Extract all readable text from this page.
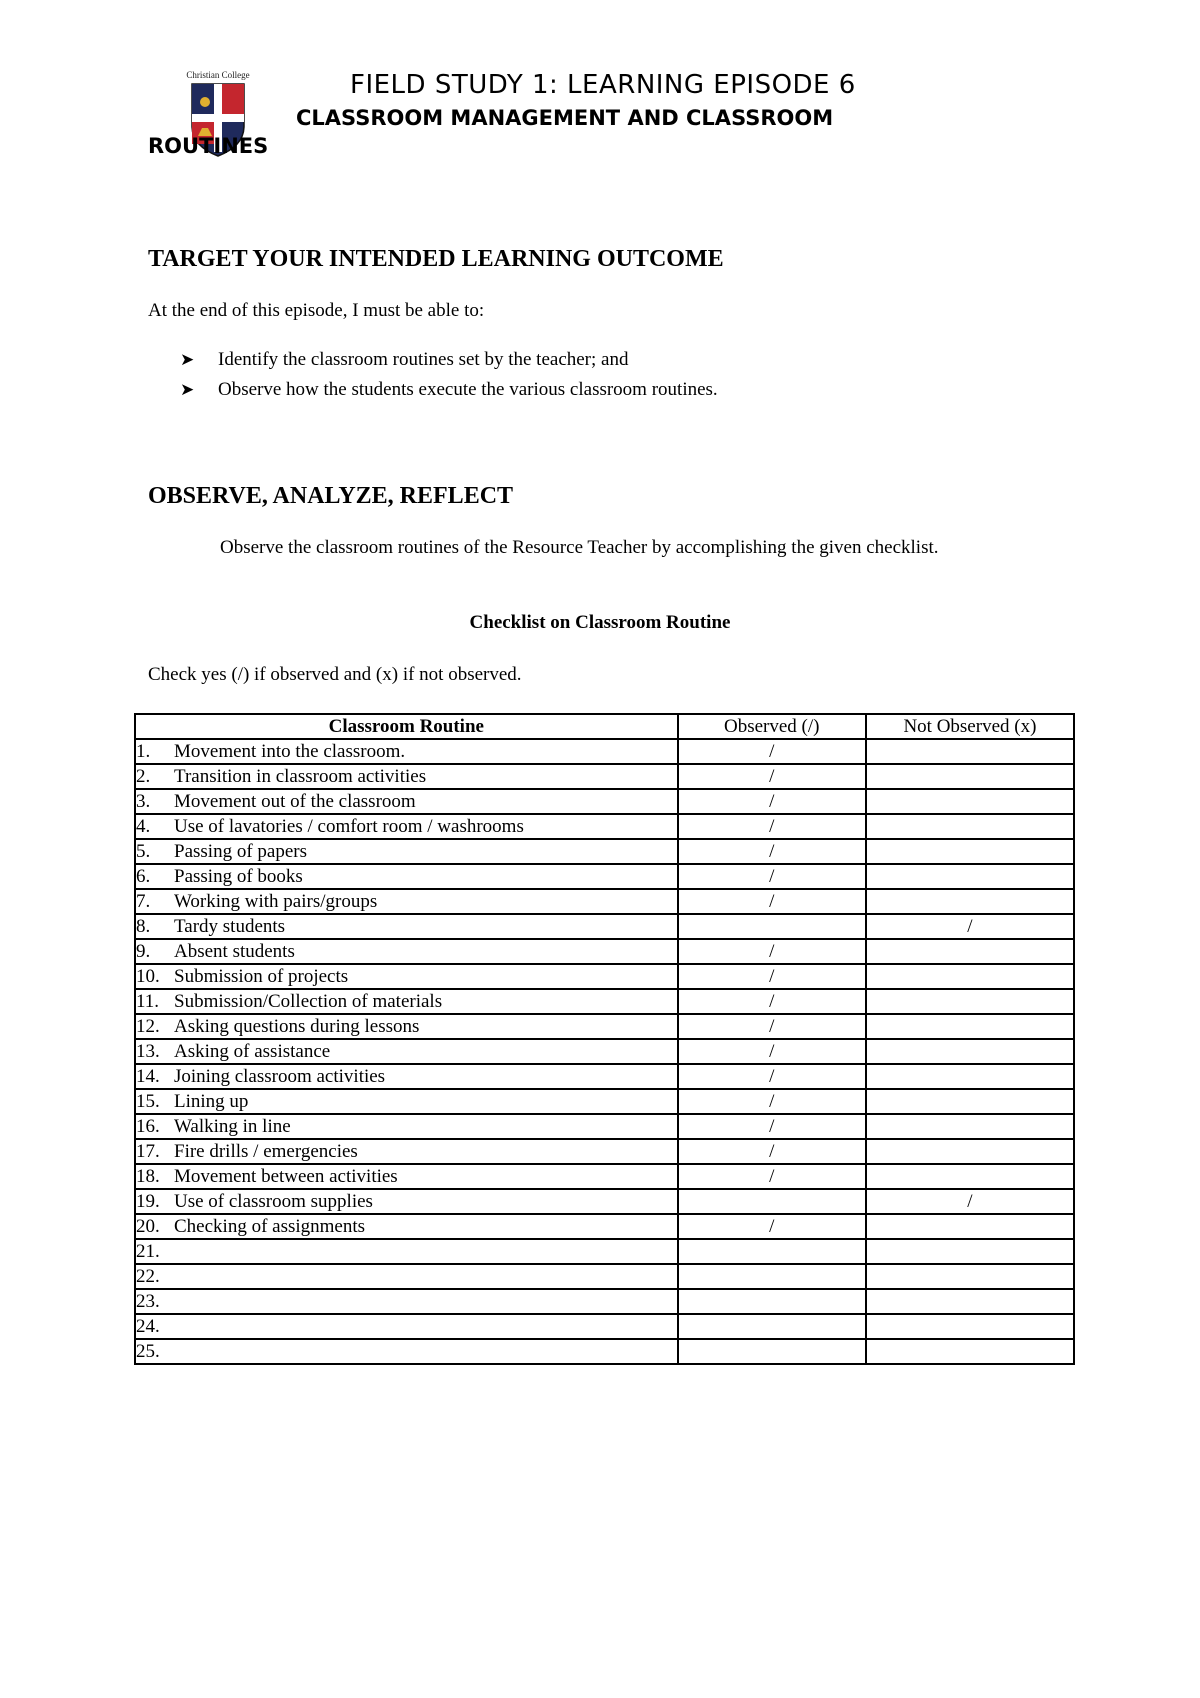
Christian College	FIELD STUDY 1: LEARNING EPISODE 6
CLASSROOM MANAGEMENT AND CLASSROOM
ROUTINES
TARGET YOUR INTENDED LEARNING OUTCOME
At the end of this episode, I must be able to:
➤	Identify the classroom routines set by the teacher; and
➤	Observe how the students execute the various classroom routines.
OBSERVE, ANALYZE, REFLECT
Observe the classroom routines of the Resource Teacher by accomplishing the given checklist.
Checklist on Classroom Routine
Check yes (/) if observed and (x) if not observed.
Classroom Routine	Observed (/)	Not Observed (x)
1. Movement into the classroom.	/	
2. Transition in classroom activities	/	
3. Movement out of the classroom	/	
4. Use of lavatories / comfort room / washrooms	/	
5. Passing of papers	/	
6. Passing of books	/	
7. Working with pairs/groups	/	
8. Tardy students		/
9. Absent students	/	
10. Submission of projects	/	
11. Submission/Collection of materials	/	
12. Asking questions during lessons	/	
13. Asking of assistance	/	
14. Joining classroom activities	/	
15. Lining up	/	
16. Walking in line	/	
17. Fire drills / emergencies	/	
18. Movement between activities	/	
19. Use of classroom supplies		/
20. Checking of assignments	/	
21.		
22.		
23.		
24.		
25.		
